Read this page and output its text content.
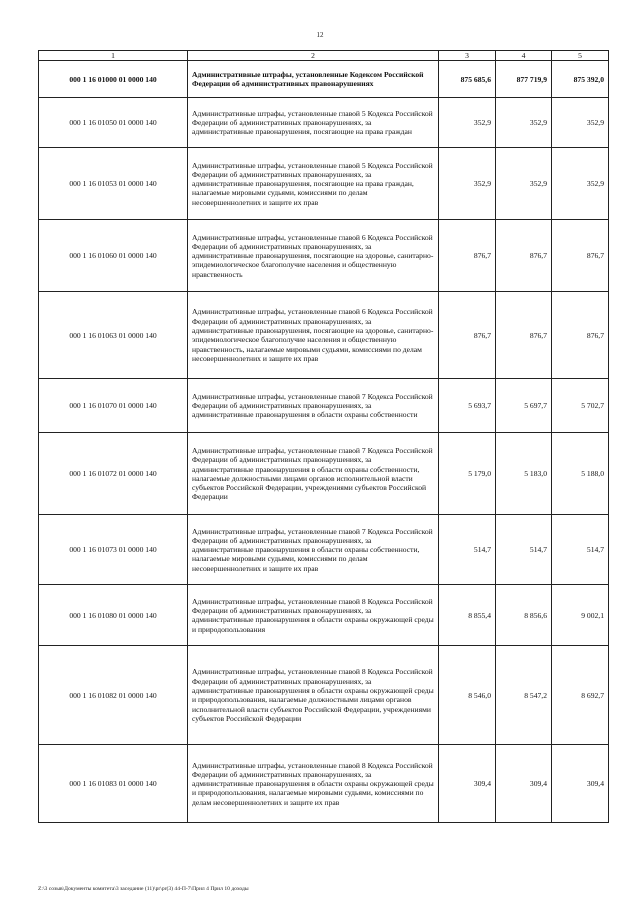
12
1	2	3	4	5
000 1 16 01000 01 0000 140	Административные штрафы, установленные Кодексом Российской Федерации об административных правонарушениях	875 685,6	877 719,9	875 392,0
000 1 16 01050 01 0000 140	Административные штрафы, установленные главой 5 Кодекса Российской Федерации об административных правонарушениях, за административные правонарушения, посягающие на права граждан	352,9	352,9	352,9
000 1 16 01053 01 0000 140	Административные штрафы, установленные главой 5 Кодекса Российской Федерации об административных правонарушениях, за административные правонарушения, посягающие на права граждан, налагаемые мировыми судьями, комиссиями по делам несовершеннолетних и защите их прав	352,9	352,9	352,9
000 1 16 01060 01 0000 140	Административные штрафы, установленные главой 6 Кодекса Российской Федерации об административных правонарушениях, за административные правонарушения, посягающие на здоровье, санитарно-эпидемиологическое благополучие населения и общественную нравственность	876,7	876,7	876,7
000 1 16 01063 01 0000 140	Административные штрафы, установленные главой 6 Кодекса Российской Федерации об административных правонарушениях, за административные правонарушения, посягающие на здоровье, санитарно-эпидемиологическое благополучие населения и общественную нравственность, налагаемые мировыми судьями, комиссиями по делам несовершеннолетних и защите их прав	876,7	876,7	876,7
000 1 16 01070 01 0000 140	Административные штрафы, установленные главой 7 Кодекса Российской Федерации об административных правонарушениях, за административные правонарушения в области охраны собственности	5 693,7	5 697,7	5 702,7
000 1 16 01072 01 0000 140	Административные штрафы, установленные главой 7 Кодекса Российской Федерации об административных правонарушениях, за административные правонарушения в области охраны собственности, налагаемые должностными лицами органов исполнительной власти субъектов Российской Федерации, учреждениями субъектов Российской Федерации	5 179,0	5 183,0	5 188,0
000 1 16 01073 01 0000 140	Административные штрафы, установленные главой 7 Кодекса Российской Федерации об административных правонарушениях, за административные правонарушения в области охраны собственности, налагаемые мировыми судьями, комиссиями по делам несовершеннолетних и защите их прав	514,7	514,7	514,7
000 1 16 01080 01 0000 140	Административные штрафы, установленные главой 8 Кодекса Российской Федерации об административных правонарушениях, за административные правонарушения в области охраны окружающей среды и природопользования	8 855,4	8 856,6	9 002,1
000 1 16 01082 01 0000 140	Административные штрафы, установленные главой 8 Кодекса Российской Федерации об административных правонарушениях, за административные правонарушения в области охраны окружающей среды и природопользования, налагаемые должностными лицами органов исполнительной власти субъектов Российской Федерации, учреждениями субъектов Российской Федерации	8 546,0	8 547,2	8 692,7
000 1 16 01083 01 0000 140	Административные штрафы, установленные главой 8 Кодекса Российской Федерации об административных правонарушениях, за административные правонарушения в области охраны окружающей среды и природопользования, налагаемые мировыми судьями, комиссиями по делам несовершеннолетних и защите их прав	309,4	309,4	309,4
Z:\3 созыв\Документы комитета\3 заседание (11)\pr\pr(3) 44-П-7\Прил 4 Прил 10 доходы
